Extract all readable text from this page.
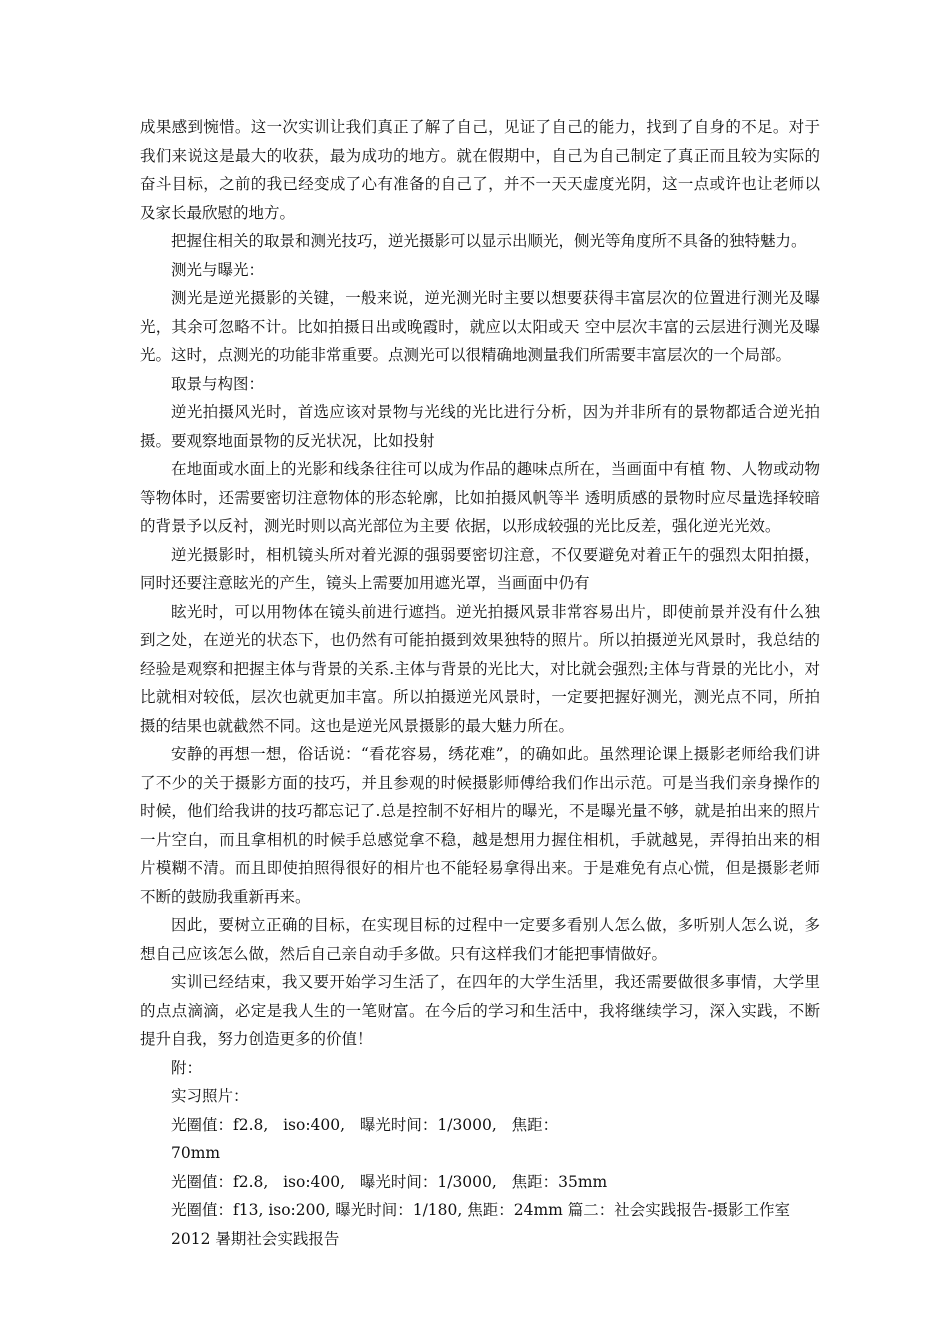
成果感到惋惜。这一次实训让我们真正了解了自己，见证了自己的能力，找到了自身的不足。对于我们来说这是最大的收获，最为成功的地方。就在假期中，自己为自己制定了真正而且较为实际的奋斗目标，之前的我已经变成了心有准备的自己了，并不一天天虚度光阴，这一点或许也让老师以及家长最欣慰的地方。

把握住相关的取景和测光技巧，逆光摄影可以显示出顺光，侧光等角度所不具备的独特魅力。

测光与曝光：

测光是逆光摄影的关键，一般来说，逆光测光时主要以想要获得丰富层次的位置进行测光及曝光，其余可忽略不计。比如拍摄日出或晚霞时，就应以太阳或天 空中层次丰富的云层进行测光及曝光。这时，点测光的功能非常重要。点测光可以很精确地测量我们所需要丰富层次的一个局部。

取景与构图：

逆光拍摄风光时，首选应该对景物与光线的光比进行分析，因为并非所有的景物都适合逆光拍摄。要观察地面景物的反光状况，比如投射

在地面或水面上的光影和线条往往可以成为作品的趣味点所在，当画面中有植 物、人物或动物等物体时，还需要密切注意物体的形态轮廓，比如拍摄风帆等半 透明质感的景物时应尽量选择较暗的背景予以反衬，测光时则以高光部位为主要 依据，以形成较强的光比反差，强化逆光光效。

逆光摄影时，相机镜头所对着光源的强弱要密切注意，不仅要避免对着正午的强烈太阳拍摄，同时还要注意眩光的产生，镜头上需要加用遮光罩，当画面中仍有

眩光时，可以用物体在镜头前进行遮挡。逆光拍摄风景非常容易出片，即使前景并没有什么独到之处，在逆光的状态下，也仍然有可能拍摄到效果独特的照片。所以拍摄逆光风景时，我总结的经验是观察和把握主体与背景的关系.主体与背景的光比大，对比就会强烈;主体与背景的光比小，对比就相对较低，层次也就更加丰富。所以拍摄逆光风景时，一定要把握好测光，测光点不同，所拍摄的结果也就截然不同。这也是逆光风景摄影的最大魅力所在。

安静的再想一想，俗话说：“看花容易，绣花难”，的确如此。虽然理论课上摄影老师给我们讲了不少的关于摄影方面的技巧，并且参观的时候摄影师傅给我们作出示范。可是当我们亲身操作的时候，他们给我讲的技巧都忘记了.总是控制不好相片的曝光，不是曝光量不够，就是拍出来的照片一片空白，而且拿相机的时候手总感觉拿不稳，越是想用力握住相机，手就越晃，弄得拍出来的相片模糊不清。而且即使拍照得很好的相片也不能轻易拿得出来。于是难免有点心慌，但是摄影老师不断的鼓励我重新再来。

因此，要树立正确的目标，在实现目标的过程中一定要多看别人怎么做，多听别人怎么说，多想自己应该怎么做，然后自己亲自动手多做。只有这样我们才能把事情做好。

实训已经结束，我又要开始学习生活了，在四年的大学生活里，我还需要做很多事情，大学里的点点滴滴，必定是我人生的一笔财富。在今后的学习和生活中，我将继续学习，深入实践，不断提升自我，努力创造更多的价值！

附：

实习照片：

光圈值：f2.8,   iso:400,   曝光时间：1/3000,   焦距：

70mm

光圈值：f2.8,   iso:400,   曝光时间：1/3000,   焦距：35mm

光圈值：f13, iso:200, 曝光时间：1/180, 焦距：24mm 篇二：社会实践报告-摄影工作室

2012 暑期社会实践报告
